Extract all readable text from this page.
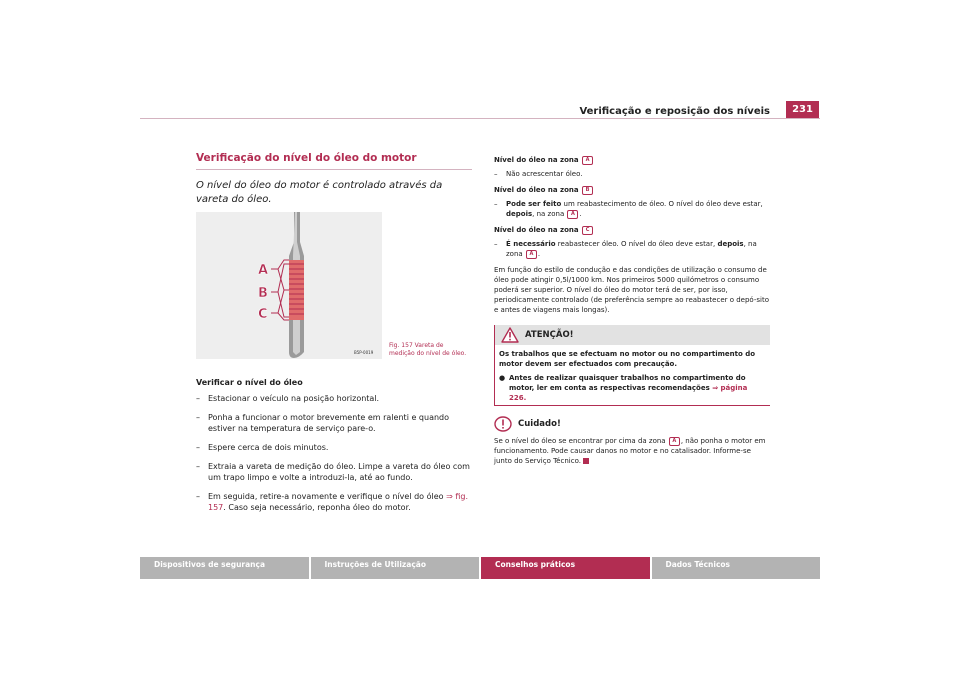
Verificação e reposição dos níveis	231
Verificação do nível do óleo do motor
O nível do óleo do motor é controlado através da vareta do óleo.
A
B
C
B5P-0019
Fig. 157 Vareta de
medição do nível de óleo.
Verificar o nível do óleo
–	Estacionar o veículo na posição horizontal.
–	Ponha a funcionar o motor brevemente em ralenti e quando estiver na temperatura de serviço pare-o.
–	Espere cerca de dois minutos.
–	Extraia a vareta de medição do óleo. Limpe a vareta do óleo com um trapo limpo e volte a introduzi-la, até ao fundo.
–	Em seguida, retire-a novamente e verifique o nível do óleo ⇒ fig. 157. Caso seja necessário, reponha óleo do motor.
Nível do óleo na zona A
–	Não acrescentar óleo.
Nível do óleo na zona B
–	Pode ser feito um reabastecimento de óleo. O nível do óleo deve estar, depois, na zona A .
Nível do óleo na zona C
–	É necessário reabastecer óleo. O nível do óleo deve estar, depois, na zona A .
Em função do estilo de condução e das condições de utilização o consumo de óleo pode atingir 0,5l/1000 km. Nos primeiros 5000 quilómetros o consumo poderá ser superior. O nível do óleo do motor terá de ser, por isso, periodicamente controlado (de preferência sempre ao reabastecer o depó-sito e antes de viagens mais longas).
ATENÇÃO!
Os trabalhos que se efectuam no motor ou no compartimento do motor devem ser efectuados com precaução.
● Antes de realizar quaisquer trabalhos no compartimento do motor, ler em conta as respectivas recomendações ⇒ página 226.
Cuidado!
Se o nível do óleo se encontrar por cima da zona A , não ponha o motor em funcionamento. Pode causar danos no motor e no catalisador. Informe-se junto do Serviço Técnico.
Dispositivos de segurança	Instruções de Utilização	Conselhos práticos	Dados Técnicos
